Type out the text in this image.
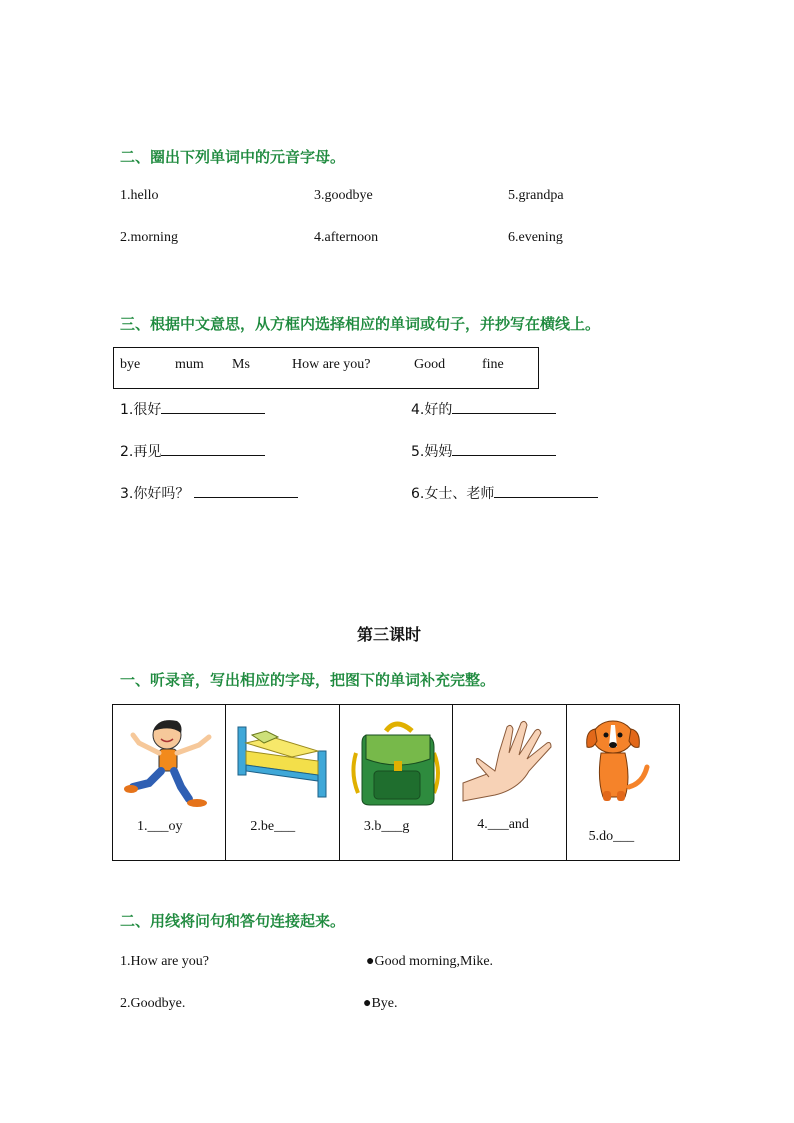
二、圈出下列单词中的元音字母。
1.hello	3.goodbye	5.grandpa
2.morning	4.afternoon	6.evening
三、根据中文意思，从方框内选择相应的单词或句子，并抄写在横线上。
bye mum Ms	How are you?	Good	fine
1.很好	4.好的
2.再见	5.妈妈
3.你好吗？	6.女士、老师
第三课时
一、听录音，写出相应的字母，把图下的单词补充完整。
1.___oy	2.be___	3.b___g	4.___and
5.do___
二、用线将问句和答句连接起来。
1.How are you?	●Good morning,Mike.
2.Goodbye.	●Bye.
